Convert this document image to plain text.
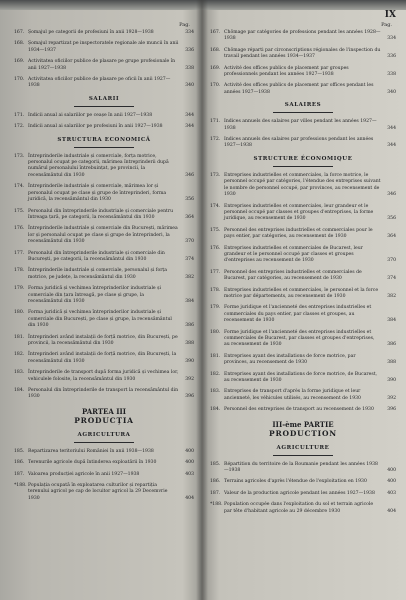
Pag.
167. Șomajul pe categorii de profesiuni în anii 1928—1938	334
168. Șomajul repartizat pe inspectoratele regionale ale muncii în anii 1934—1937	336
169. Activitatea oficiilor publice de plasare pe grupe profesionale în anii 1927—1938	338
170. Activitatea oficiilor publice de plasare pe oficii în anii 1927—1938	340
SALARII
171. Indicii anual ai salariilor pe ceașe în anii 1927—1938	344
172. Indicii anual ai salariilor pe profesiuni în anii 1927—1938	344
STRUCTURA ECONOMICĂ
173. Întreprinderile industriale și comerciale, forța motrice, personalul ocupat pe categorii, mărimea întreprinderii după numărul personalului întrebuințat, pe provincii, la recensământul din 1930	346
174. Întreprinderile industriale și comerciale, mărimea lor și personalul ocupat pe clase și grupe de întreprinderi, forma juridică, la recensământul din 1930	356
175. Personalul din întreprinderile industriale și comerciale pentru întreaga țară, pe categorii, la recensământul din 1930	364
176. Întreprinderile industriale și comerciale din București, mărimea lor și personalul ocupat pe clase și grupe de întreprinderi, la recensământul din 1930	370
177. Personalul din întreprinderile industriale și comerciale din București, pe categorii, la recensământul din 1930	374
178. Întreprinderile industriale și comerciale, personalul și forța motrice, pe județe, la recensământul din 1930	382
179. Forma juridică și vechimea întreprinderilor industriale și comerciale din țara întreagă, pe clase și grupe, la recensământul din 1930	384
180. Forma juridică și vechimea întreprinderilor industriale și comerciale din București, pe clase și grupe, la recensământul din 1930	386
181. Întreprinderi având instalații de forță motrice, din București, pe provincii, la recensământul din 1930	388
182. Întreprinderi având instalații de forță motrice, din București, la recensământul din 1930	390
183. Întreprinderile de transport după forma juridică și vechimea lor, vehiculele folosite, la recensământul din 1930	392
184. Personalul din întreprinderile de transport la recensământul din 1930	396
PARTEA III
PRODUCȚIA
AGRICULTURA
185. Repartizarea teritoriului României în anii 1938—1938	400
186. Terenurile agricole după întinderea exploatării în 1930	400
187. Valoarea producției agricole în anii 1927—1938	403
*188. Populația ocupată în exploatarea culturilor și repartiția terenului agricol pe cap de locuitor agricol la 29 Decemvrie 1930	404
IX
Pag.
167. Chômage par catégories de professions pendant les années 1928—1938	334
168. Chômage réparti par circonscriptions régionales de l'inspection du travail pendant les années 1934—1937	336
169. Activité des offices publics de placement par groupes professionnels pendant les années 1927—1938	338
170. Activité des offices publics de placement par offices pendant les années 1927—1938	340
SALAIRES
171. Indices annuels des salaires par villes pendant les années 1927—1938	344
172. Indices annuels des salaires par professions pendant les années 1927—1938	344
STRUCTURE ÉCONOMIQUE
173. Entreprises industrielles et commerciales, la force motrice, le personnel occupé par catégories, l'étendue des entreprises suivant le nombre de personnel occupé, par provinces, au recensement de 1930	346
174. Entreprises industrielles et commerciales, leur grandeur et le personnel occupé par classes et groupes d'entreprises, la forme juridique, au recensement de 1930	356
175. Personnel des entreprises industrielles et commerciales pour le pays entier, par catégories, au recensement de 1930	364
176. Entreprises industrielles et commerciales de Bucarest, leur grandeur et le personnel occupé par classes et groupes d'entreprises au recensement de 1930	370
177. Personnel des entreprises industrielles et commerciales de Bucarest, par catégories, au recensement de 1930	374
178. Entreprises industrielles et commerciales, le personnel et la force motrice par départements, au recensement de 1930	382
179. Forme juridique et l'ancienneté des entreprises industrielles et commerciales du pays entier, par classes et groupes, au recensement de 1930	384
180. Forme juridique et l'ancienneté des entreprises industrielles et commerciales de Bucarest, par classes et groupes d'entreprises, au recensement de 1930	386
181. Entreprises ayant des installations de force motrice, par provinces, au recensement de 1930	388
182. Entreprises ayant des installations de force motrice, de Bucarest, au recensement de 1930	390
183. Entreprises de transport d'après la forme juridique et leur ancienneté, les véhicules utilisés, au recensement de 1930	392
184. Personnel des entreprises de transport au recensement de 1930	396
III-ème PARTIE
PRODUCTION
AGRICULTURE
185. Répartition du territoire de la Roumanie pendant les années 1938—1938	400
186. Terrains agricoles d'après l'étendue de l'exploitation en 1930	400
187. Valeur de la production agricole pendant les années 1927—1938	403
*188. Population occupée dans l'exploitation du sol et terrain agricole par tête d'habitant agricole au 29 décembre 1930	404
